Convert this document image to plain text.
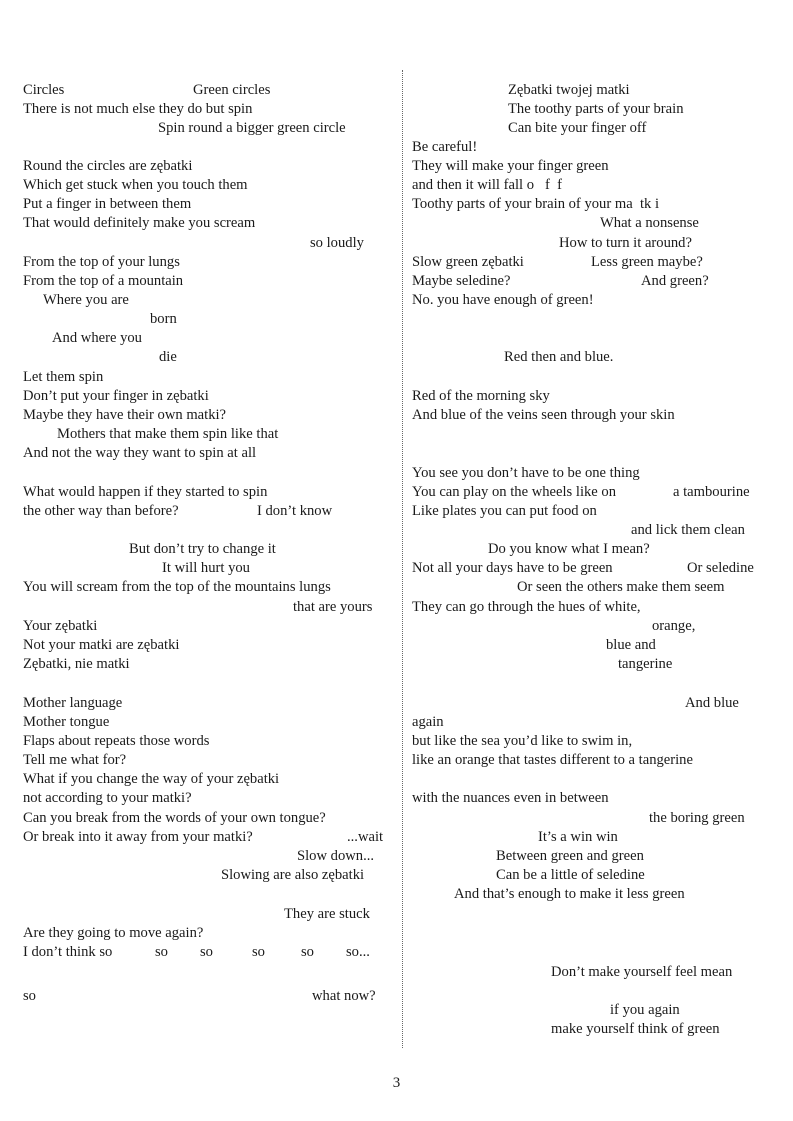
Circles	Green circles
There is not much else they do but spin
Spin round a bigger green circle
Round the circles are zębatki
Which get stuck when you touch them
Put a finger in between them
That would definitely make you scream
so loudly
From the top of your lungs
From the top of a mountain
Where you are
born
And where you
die
Let them spin
Don’t put your finger in zębatki
Maybe they have their own matki?
Mothers that make them spin like that
And not the way they want to spin at all
What would happen if they started to spin
the other way than before?	I don’t know
But don’t try to change it
It will hurt you
You will scream from the top of the mountains lungs
that are yours
Your zębatki
Not your matki are zębatki
Zębatki, nie matki
Mother language
Mother tongue
Flaps about repeats those words
Tell me what for?
What if you change the way of your zębatki
not according to your matki?
Can you break from the words of your own tongue?
Or break into it away from your matki?	...wait
Slow down...
Slowing are also zębatki
They are stuck
Are they going to move again?
I don’t think so	so so	so so so...
so	what now?
Zębatki twojej matki
The toothy parts of your brain
Can bite your finger off
Be careful!
They will make your finger green
and then it will fall o   f  f
Toothy parts of your brain of your ma  tk i
What a nonsense
How to turn it around?
Slow green zębatki	Less green maybe?
Maybe seledine?	And green?
No. you have enough of green!
Red then and blue.
Red of the morning sky
And blue of the veins seen through your skin
You see you don’t have to be one thing
You can play on the wheels like on	a tambourine
Like plates you can put food on
and lick them clean
Do you know what I mean?
Not all your days have to be green	Or seledine
Or seen the others make them seem
They can go through the hues of white,
orange,
blue and
tangerine
And blue
again
but like the sea you’d like to swim in,
like an orange that tastes different to a tangerine
with the nuances even in between
the boring green
It’s a win win
Between green and green
Can be a little of seledine
And that’s enough to make it less green
Don’t make yourself feel mean
if you again
make yourself think of green
3
